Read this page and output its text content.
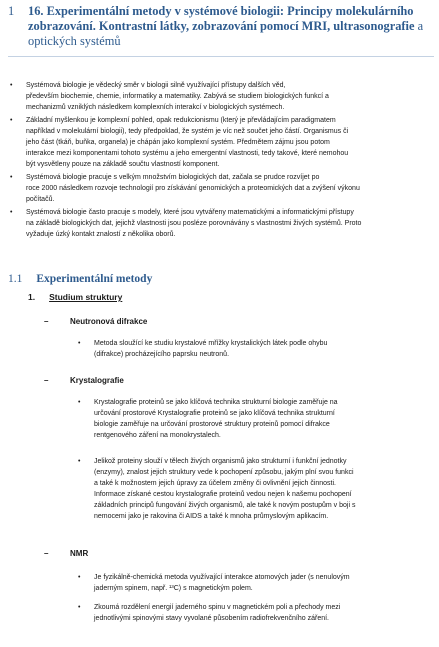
1 16. Experimentální metody v systémové biologii: Principy molekulárního zobrazování. Kontrastní látky, zobrazování pomocí MRI, ultrasonografie a optických systémů
• Systémová biologie je vědecký směr v biologii silně využívající přístupy dalších věd,
především biochemie, chemie, informatiky a matematiky. Zabývá se studiem biologických funkcí a
mechanizmů vzniklých následkem komplexních interakcí v biologických systémech.
• Základní myšlenkou je komplexní pohled, opak redukcionismu (který je převládajícím paradigmatem
například v molekulární biologii), tedy předpoklad, že systém je víc než součet jeho částí. Organismus či
jeho část (tkáň, buňka, organela) je chápán jako komplexní systém. Předmětem zájmu jsou potom
interakce mezi komponentami tohoto systému a jeho emergentní vlastnosti, tedy takové, které nemohou
být vysvětleny pouze na základě součtu vlastností komponent.
• Systémová biologie pracuje s velkým množstvím biologických dat, začala se prudce rozvíjet po
roce 2000 následkem rozvoje technologií pro získávání genomických a proteomických dat a zvýšení výkonu
počítačů.
• Systémová biologie často pracuje s modely, které jsou vytvářeny matematickými a informatickými přístupy
na základě biologických dat, jejichž vlastnosti jsou posléze porovnávány s vlastnostmi živých systémů. Proto
vyžaduje úzký kontakt znalostí z několika oborů.
1.1 Experimentální metody
1. Studium struktury
–	Neutronová difrakce
• Metoda sloužící ke studiu krystalové mřížky krystalických látek podle ohybu
(difrakce) procházejícího paprsku neutronů.
–	Krystalografie
• Krystalografie proteinů se jako klíčová technika strukturní biologie zaměřuje na
určování prostorové Krystalografie proteinů se jako klíčová technika strukturní
biologie zaměřuje na určování prostorové struktury proteinů pomocí difrakce
rentgenového záření na monokrystalech.
• Jelikož proteiny slouží v tělech živých organismů jako strukturní i funkční jednotky
(enzymy), znalost jejich struktury vede k pochopení způsobu, jakým plní svou funkci
a také k možnostem jejich úpravy za účelem změny či ovlivnění jejich činnosti.
Informace získané cestou krystalografie proteinů vedou nejen k našemu pochopení
základních principů fungování živých organismů, ale také k novým postupům v boji s
nemocemi jako je rakovina či AIDS a také k mnoha průmyslovým aplikacím.
–	NMR
• Je fyzikálně-chemická metoda využívající interakce atomových jader (s nenulovým
jaderným spinem, např. ¹³C) s magnetickým polem.
• Zkoumá rozdělení energií jaderného spinu v magnetickém poli a přechody mezi
jednotlivými spinovými stavy vyvolané působením radiofrekvenčního záření.
